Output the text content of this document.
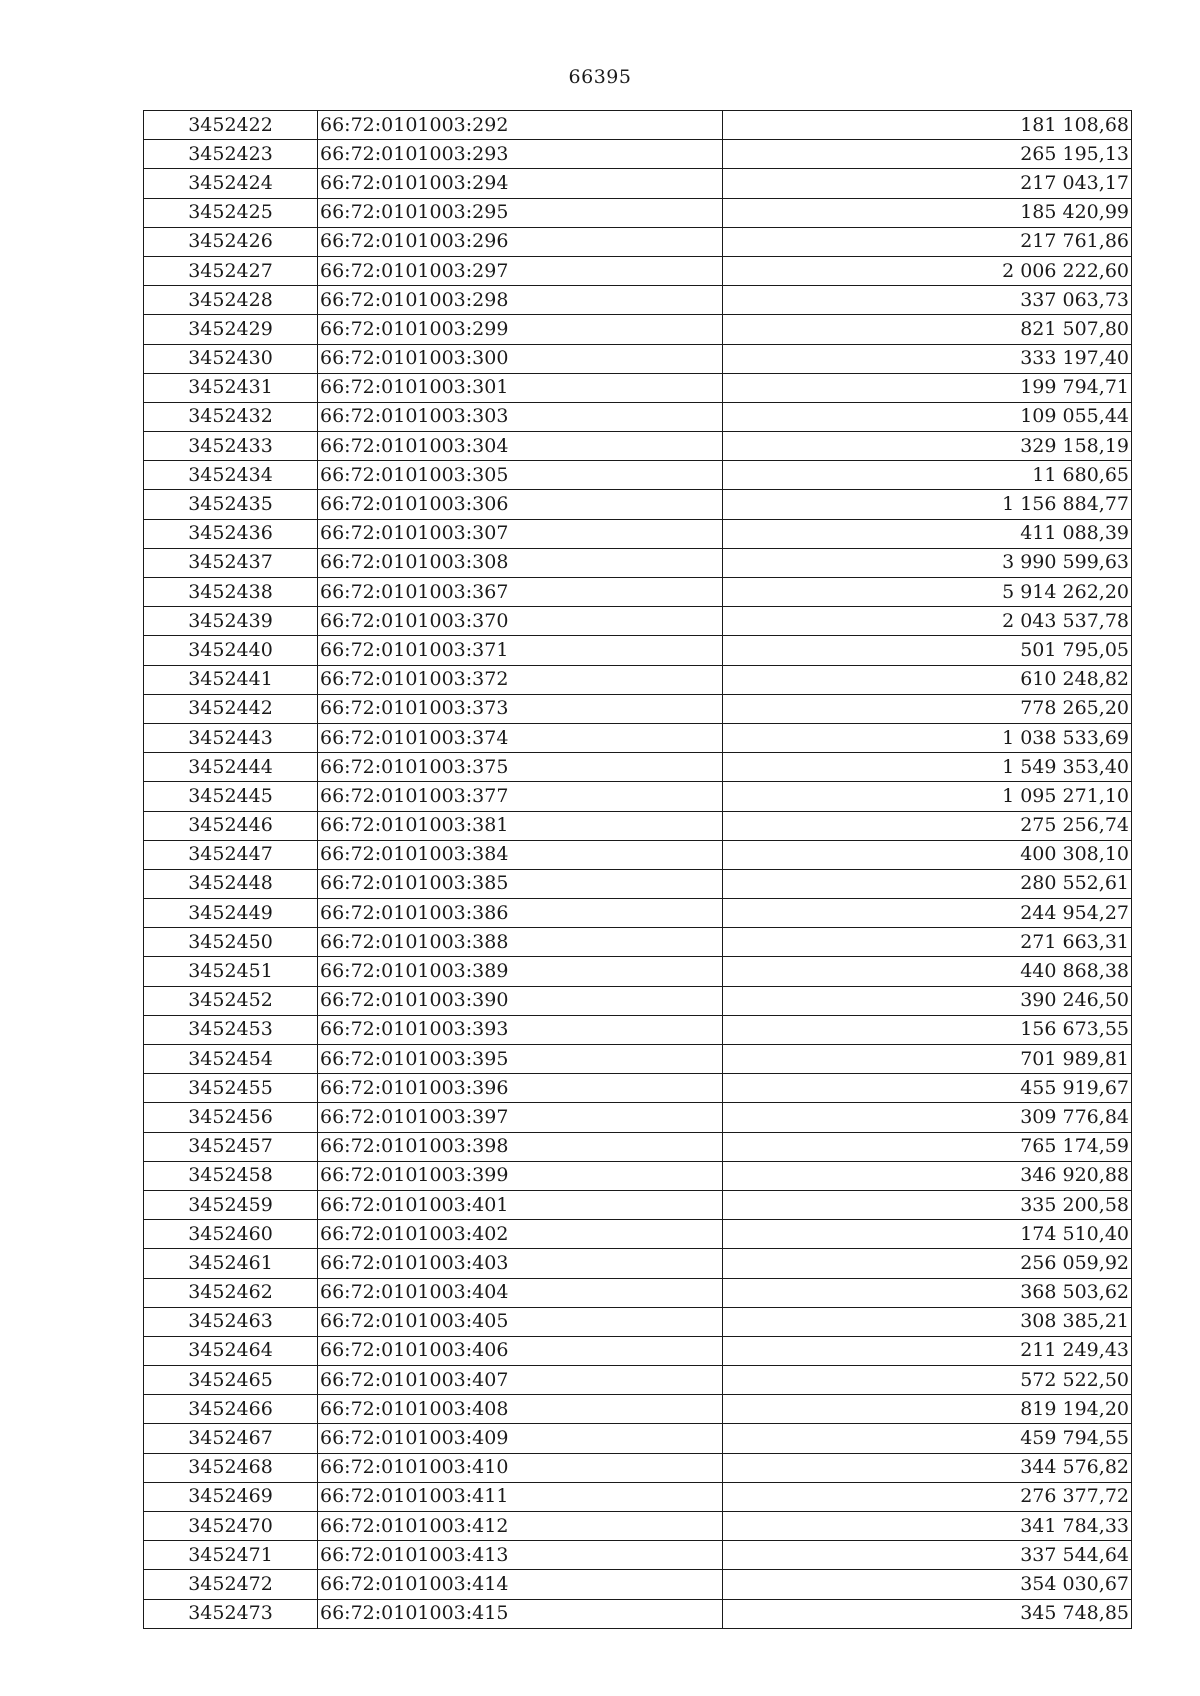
66395
3452422	66:72:0101003:292	181 108,68
3452423	66:72:0101003:293	265 195,13
3452424	66:72:0101003:294	217 043,17
3452425	66:72:0101003:295	185 420,99
3452426	66:72:0101003:296	217 761,86
3452427	66:72:0101003:297	2 006 222,60
3452428	66:72:0101003:298	337 063,73
3452429	66:72:0101003:299	821 507,80
3452430	66:72:0101003:300	333 197,40
3452431	66:72:0101003:301	199 794,71
3452432	66:72:0101003:303	109 055,44
3452433	66:72:0101003:304	329 158,19
3452434	66:72:0101003:305	11 680,65
3452435	66:72:0101003:306	1 156 884,77
3452436	66:72:0101003:307	411 088,39
3452437	66:72:0101003:308	3 990 599,63
3452438	66:72:0101003:367	5 914 262,20
3452439	66:72:0101003:370	2 043 537,78
3452440	66:72:0101003:371	501 795,05
3452441	66:72:0101003:372	610 248,82
3452442	66:72:0101003:373	778 265,20
3452443	66:72:0101003:374	1 038 533,69
3452444	66:72:0101003:375	1 549 353,40
3452445	66:72:0101003:377	1 095 271,10
3452446	66:72:0101003:381	275 256,74
3452447	66:72:0101003:384	400 308,10
3452448	66:72:0101003:385	280 552,61
3452449	66:72:0101003:386	244 954,27
3452450	66:72:0101003:388	271 663,31
3452451	66:72:0101003:389	440 868,38
3452452	66:72:0101003:390	390 246,50
3452453	66:72:0101003:393	156 673,55
3452454	66:72:0101003:395	701 989,81
3452455	66:72:0101003:396	455 919,67
3452456	66:72:0101003:397	309 776,84
3452457	66:72:0101003:398	765 174,59
3452458	66:72:0101003:399	346 920,88
3452459	66:72:0101003:401	335 200,58
3452460	66:72:0101003:402	174 510,40
3452461	66:72:0101003:403	256 059,92
3452462	66:72:0101003:404	368 503,62
3452463	66:72:0101003:405	308 385,21
3452464	66:72:0101003:406	211 249,43
3452465	66:72:0101003:407	572 522,50
3452466	66:72:0101003:408	819 194,20
3452467	66:72:0101003:409	459 794,55
3452468	66:72:0101003:410	344 576,82
3452469	66:72:0101003:411	276 377,72
3452470	66:72:0101003:412	341 784,33
3452471	66:72:0101003:413	337 544,64
3452472	66:72:0101003:414	354 030,67
3452473	66:72:0101003:415	345 748,85
